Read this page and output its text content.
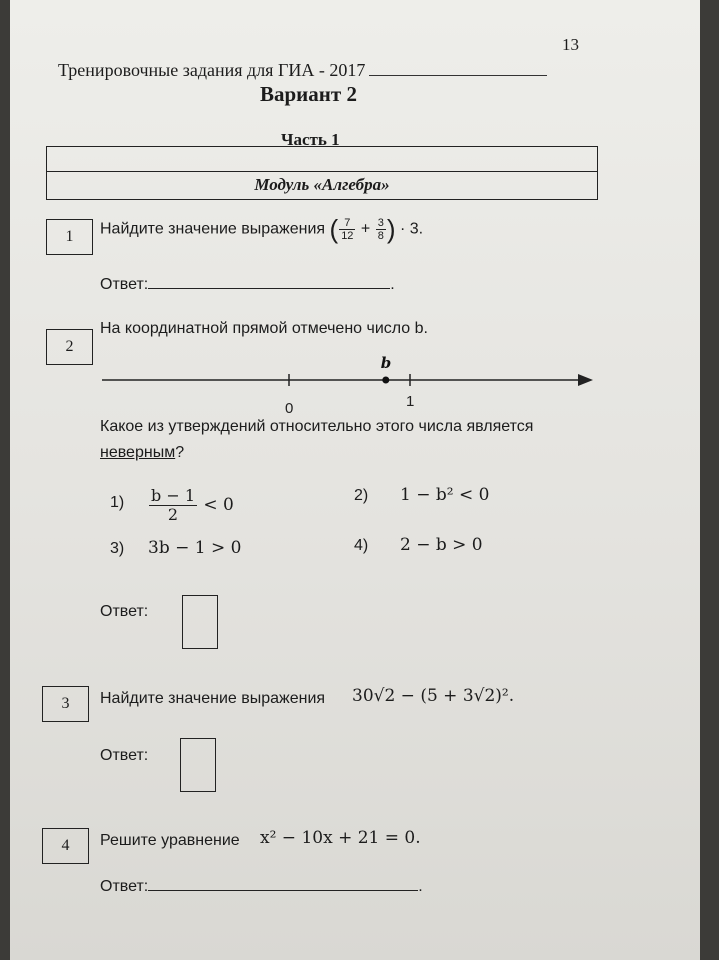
13
Тренировочные задания для ГИА - 2017
Вариант 2
Часть 1
Модуль «Алгебра»
1	Найдите значение выражения ( $\frac{7}{12} + \frac{3}{8}$ ) · 3.
Ответ:	.
2
На координатной прямой отмечено число b.
0	1
b
Какое из утверждений относительно этого числа является
неверным?
$1) \frac{b - 1}{2} < 0$	2) 1 − b² < 0
3) 3b − 1 > 0	4) 2 − b > 0
Ответ:
3	Найдите значение выражения 30√2 − (5 + 3√2)².
Ответ:
4	Решите уравнение x² − 10x + 21 = 0.
Ответ:	.
